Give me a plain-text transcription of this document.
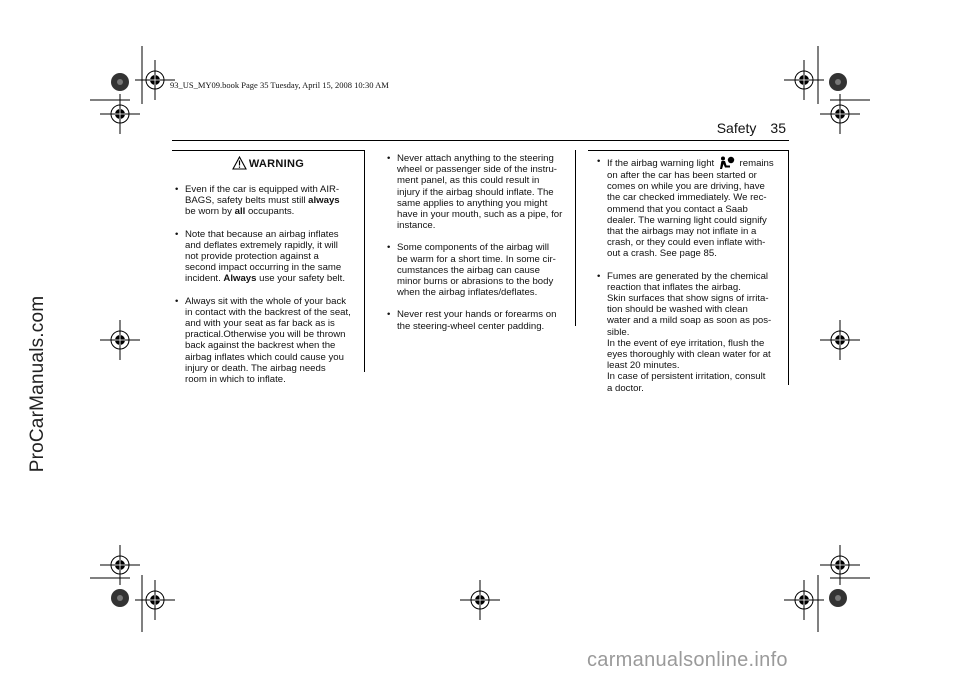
ProCarManuals.com
93_US_MY09.book Page 35 Tuesday, April 15, 2008 10:30 AM
Safety 35
WARNING
• Even if the car is equipped with AIR-
BAGS, safety belts must still always
be worn by all occupants.
• Note that because an airbag inflates
and deflates extremely rapidly, it will
not provide protection against a
second impact occurring in the same
incident. Always use your safety belt.
• Always sit with the whole of your back
in contact with the backrest of the seat,
and with your seat as far back as is
practical.Otherwise you will be thrown
back against the backrest when the
airbag inflates which could cause you
injury or death. The airbag needs
room in which to inflate.
• Never attach anything to the steering
wheel or passenger side of the instru-
ment panel, as this could result in
injury if the airbag should inflate. The
same applies to anything you might
have in your mouth, such as a pipe, for
instance.
• Some components of the airbag will
be warm for a short time. In some cir-
cumstances the airbag can cause
minor burns or abrasions to the body
when the airbag inflates/deflates.
• Never rest your hands or forearms on
the steering-wheel center padding.
• If the airbag warning light  remains
on after the car has been started or
comes on while you are driving, have
the car checked immediately. We rec-
ommend that you contact a Saab
dealer. The warning light could signify
that the airbags may not inflate in a
crash, or they could even inflate with-
out a crash. See page 85.
• Fumes are generated by the chemical
reaction that inflates the airbag.
Skin surfaces that show signs of irrita-
tion should be washed with clean
water and a mild soap as soon as pos-
sible.
In the event of eye irritation, flush the
eyes thoroughly with clean water for at
least 20 minutes.
In case of persistent irritation, consult
a doctor.
carmanualsonline.info
